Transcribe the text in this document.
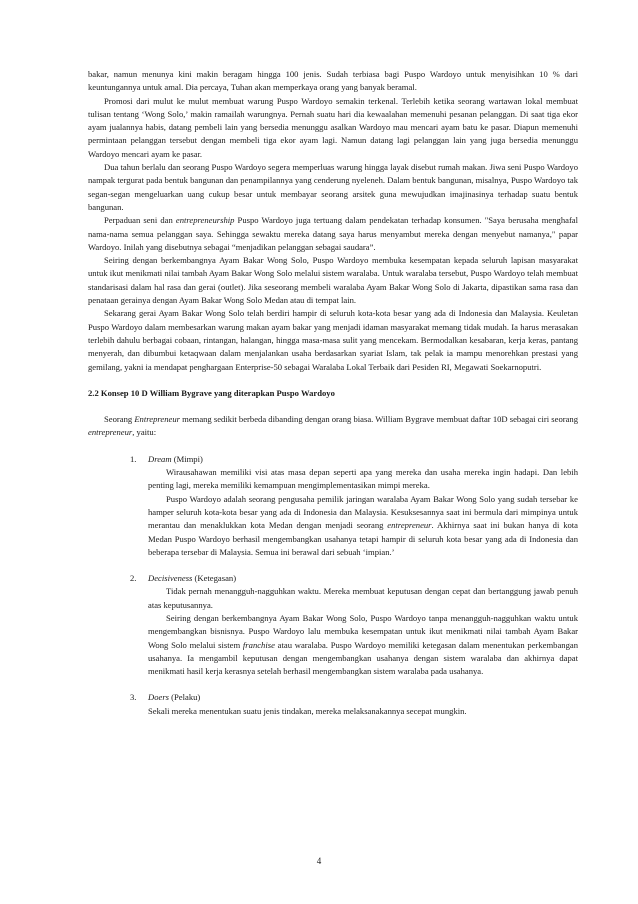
bakar, namun menunya kini makin beragam hingga 100 jenis. Sudah terbiasa bagi Puspo Wardoyo untuk menyisihkan 10 % dari keuntungannya untuk amal. Dia percaya, Tuhan akan memperkaya orang yang banyak beramal.

Promosi dari mulut ke mulut membuat warung Puspo Wardoyo semakin terkenal. Terlebih ketika seorang wartawan lokal membuat tulisan tentang ‘Wong Solo,’ makin ramailah warungnya. Pernah suatu hari dia kewaalahan memenuhi pesanan pelanggan. Di saat tiga ekor ayam jualannya habis, datang pembeli lain yang bersedia menunggu asalkan Wardoyo mau mencari ayam batu ke pasar. Diapun memenuhi permintaan pelanggan tersebut dengan membeli tiga ekor ayam lagi. Namun datang lagi pelanggan lain yang juga bersedia menunggu Wardoyo mencari ayam ke pasar.

Dua tahun berlalu dan seorang Puspo Wardoyo segera memperluas warung hingga layak disebut rumah makan. Jiwa seni Puspo Wardoyo nampak tergurat pada bentuk bangunan dan penampilannya yang cenderung nyeleneh. Dalam bentuk bangunan, misalnya, Puspo Wardoyo tak segan-segan mengeluarkan uang cukup besar untuk membayar seorang arsitek guna mewujudkan imajinasinya terhadap suatu bentuk bangunan.

Perpaduan seni dan entrepreneurship Puspo Wardoyo juga tertuang dalam pendekatan terhadap konsumen. "Saya berusaha menghafal nama-nama semua pelanggan saya. Sehingga sewaktu mereka datang saya harus menyambut mereka dengan menyebut namanya," papar Wardoyo. Inilah yang disebutnya sebagai “menjadikan pelanggan sebagai saudara”.

Seiring dengan berkembangnya Ayam Bakar Wong Solo, Puspo Wardoyo membuka kesempatan kepada seluruh lapisan masyarakat untuk ikut menikmati nilai tambah Ayam Bakar Wong Solo melalui sistem waralaba. Untuk waralaba tersebut, Puspo Wardoyo telah membuat standarisasi dalam hal rasa dan gerai (outlet). Jika seseorang membeli waralaba Ayam Bakar Wong Solo di Jakarta, dipastikan sama rasa dan penataan gerainya dengan Ayam Bakar Wong Solo Medan atau di tempat lain.

Sekarang gerai Ayam Bakar Wong Solo telah berdiri hampir di seluruh kota-kota besar yang ada di Indonesia dan Malaysia. Keuletan Puspo Wardoyo dalam membesarkan warung makan ayam bakar yang menjadi idaman masyarakat memang tidak mudah. Ia harus merasakan terlebih dahulu berbagai cobaan, rintangan, halangan, hingga masa-masa sulit yang mencekam. Bermodalkan kesabaran, kerja keras, pantang menyerah, dan dibumbui ketaqwaan dalam menjalankan usaha berdasarkan syariat Islam, tak pelak ia mampu menorehkan prestasi yang gemilang, yakni ia mendapat penghargaan Enterprise-50 sebagai Waralaba Lokal Terbaik dari Pesiden RI, Megawati Soekarnoputri.

2.2 Konsep 10 D William Bygrave yang diterapkan Puspo Wardoyo

Seorang Entrepreneur memang sedikit berbeda dibanding dengan orang biasa. William Bygrave membuat daftar 10D sebagai ciri seorang entrepreneur, yaitu:

1. Dream (Mimpi)

Wirausahawan memiliki visi atas masa depan seperti apa yang mereka dan usaha mereka ingin hadapi. Dan lebih penting lagi, mereka memiliki kemampuan mengimplementasikan mimpi mereka.

Puspo Wardoyo adalah seorang pengusaha pemilik jaringan waralaba Ayam Bakar Wong Solo yang sudah tersebar ke hamper seluruh kota-kota besar yang ada di Indonesia dan Malaysia. Kesuksesannya saat ini bermula dari mimpinya untuk merantau dan menaklukkan kota Medan dengan menjadi seorang entrepreneur. Akhirnya saat ini bukan hanya di kota Medan Puspo Wardoyo berhasil mengembangkan usahanya tetapi hampir di seluruh kota besar yang ada di Indonesia dan beberapa tersebar di Malaysia. Semua ini berawal dari sebuah ‘impian.’

2. Decisiveness (Ketegasan)

Tidak pernah menangguh-nagguhkan waktu. Mereka membuat keputusan dengan cepat dan bertanggung jawab penuh atas keputusannya.

Seiring dengan berkembangnya Ayam Bakar Wong Solo, Puspo Wardoyo tanpa menangguh-nagguhkan waktu untuk mengembangkan bisnisnya. Puspo Wardoyo lalu membuka kesempatan untuk ikut menikmati nilai tambah Ayam Bakar Wong Solo melalui sistem franchise atau waralaba. Puspo Wardoyo memiliki ketegasan dalam menentukan perkembangan usahanya. Ia mengambil keputusan dengan mengembangkan usahanya dengan sistem waralaba dan akhirnya dapat menikmati hasil kerja kerasnya setelah berhasil mengembangkan sistem waralaba pada usahanya.

3. Doers (Pelaku)

Sekali mereka menentukan suatu jenis tindakan, mereka melaksanakannya secepat mungkin.

4
